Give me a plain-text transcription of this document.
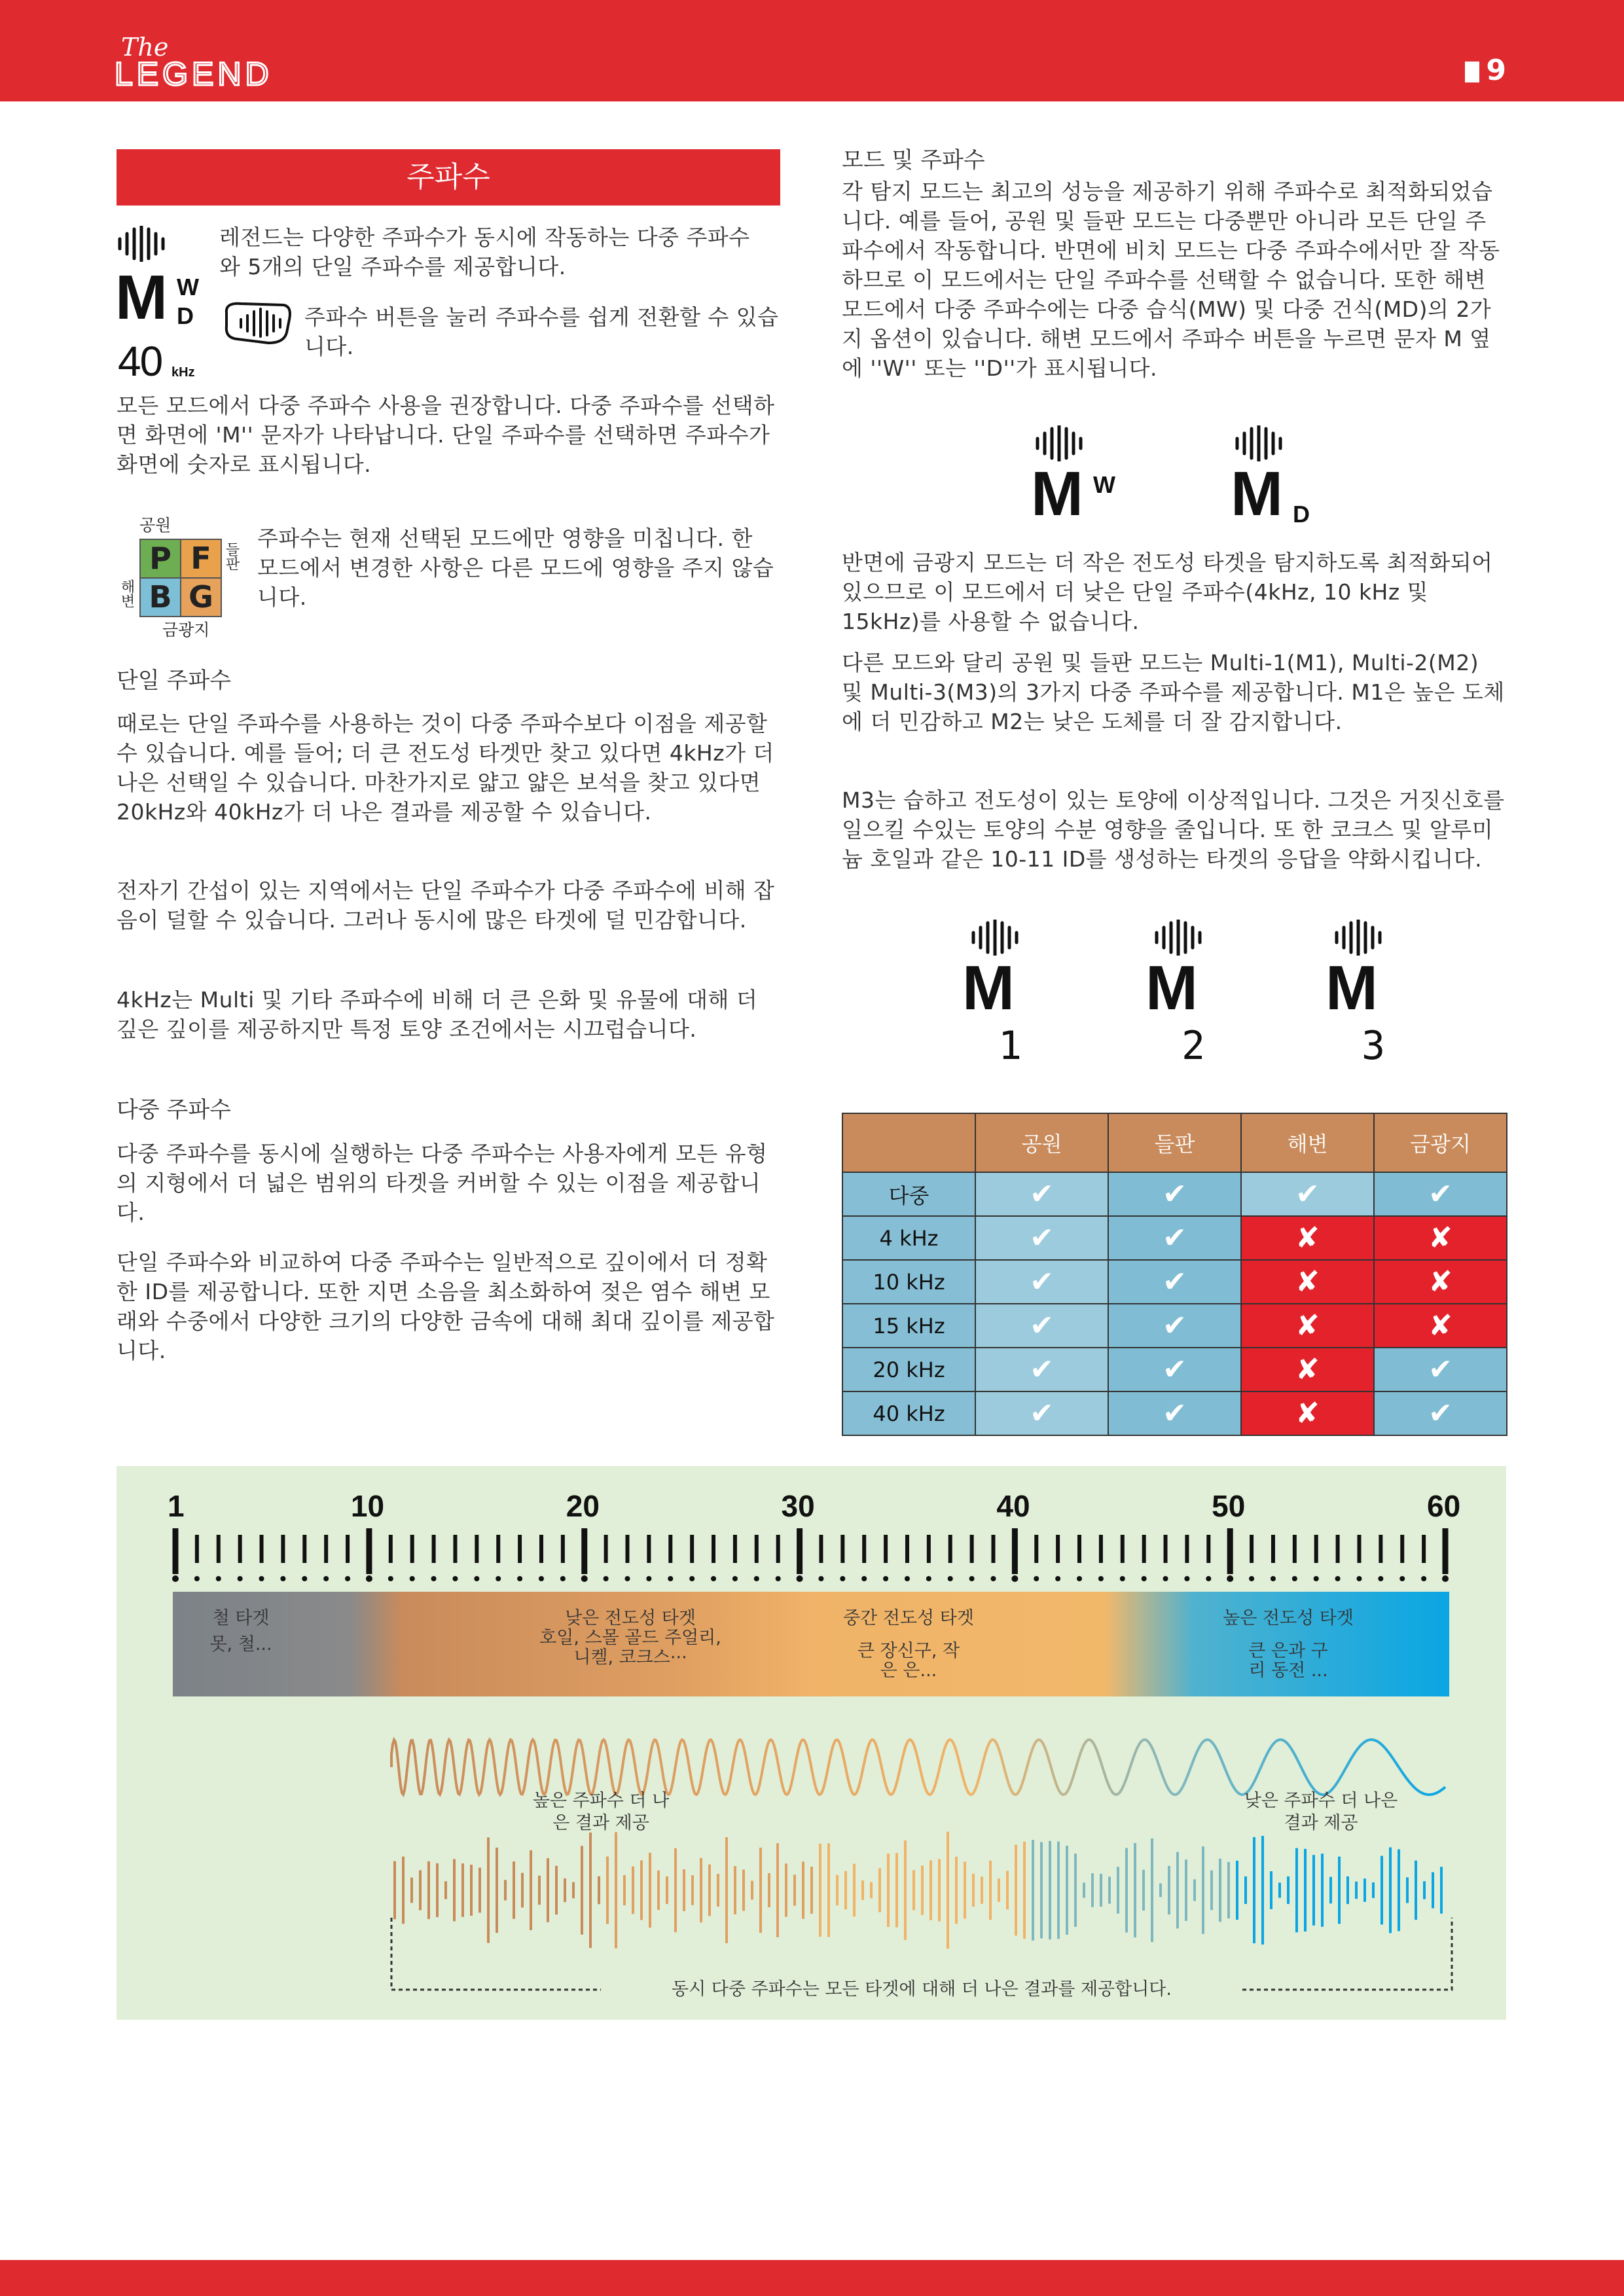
The
LEGEND	9
주파수
M W
D
40 kHz
레전드는 다양한 주파수가 동시에 작동하는 다중 주파수와 5개의 단일 주파수를 제공합니다.
주파수 버튼을 눌러 주파수를 쉽게 전환할 수 있습니다.
모든 모드에서 다중 주파수 사용을 권장합니다. 다중 주파수를 선택하면 화면에 'M'' 문자가 나타납니다. 단일 주파수를 선택하면 주파수가 화면에 숫자로 표시됩니다.
공원
들판
해변
금광지
P F
B G
주파수는 현재 선택된 모드에만 영향을 미칩니다. 한 모드에서 변경한 사항은 다른 모드에 영향을 주지 않습니다.
단일 주파수
때로는 단일 주파수를 사용하는 것이 다중 주파수보다 이점을 제공할 수 있습니다. 예를 들어; 더 큰 전도성 타겟만 찾고 있다면 4kHz가 더 나은 선택일 수 있습니다. 마찬가지로 얇고 얇은 보석을 찾고 있다면 20kHz와 40kHz가 더 나은 결과를 제공할 수 있습니다.
전자기 간섭이 있는 지역에서는 단일 주파수가 다중 주파수에 비해 잡음이 덜할 수 있습니다. 그러나 동시에 많은 타겟에 덜 민감합니다.
4kHz는 Multi 및 기타 주파수에 비해 더 큰 은화 및 유물에 대해 더 깊은 깊이를 제공하지만 특정 토양 조건에서는 시끄럽습니다.
다중 주파수
다중 주파수를 동시에 실행하는 다중 주파수는 사용자에게 모든 유형의 지형에서 더 넓은 범위의 타겟을 커버할 수 있는 이점을 제공합니다.
단일 주파수와 비교하여 다중 주파수는 일반적으로 깊이에서 더 정확한 ID를 제공합니다. 또한 지면 소음을 최소화하여 젖은 염수 해변 모래와 수중에서 다양한 크기의 다양한 금속에 대해 최대 깊이를 제공합니다.
모드 및 주파수
각 탐지 모드는 최고의 성능을 제공하기 위해 주파수로 최적화되었습니다. 예를 들어, 공원 및 들판 모드는 다중뿐만 아니라 모든 단일 주파수에서 작동합니다. 반면에 비치 모드는 다중 주파수에서만 잘 작동하므로 이 모드에서는 단일 주파수를 선택할 수 없습니다. 또한 해변 모드에서 다중 주파수에는 다중 습식(MW) 및 다중 건식(MD)의 2가지 옵션이 있습니다. 해변 모드에서 주파수 버튼을 누르면 문자 M 옆에 ''W'' 또는 ''D''가 표시됩니다.
M W M D
반면에 금광지 모드는 더 작은 전도성 타겟을 탐지하도록 최적화되어 있으므로 이 모드에서 더 낮은 단일 주파수(4kHz, 10 kHz 및 15kHz)를 사용할 수 없습니다.
다른 모드와 달리 공원 및 들판 모드는 Multi-1(M1), Multi-2(M2) 및 Multi-3(M3)의 3가지 다중 주파수를 제공합니다. M1은 높은 도체에 더 민감하고 M2는 낮은 도체를 더 잘 감지합니다.
M3는 습하고 전도성이 있는 토양에 이상적입니다. 그것은 거짓신호를 일으킬 수있는 토양의 수분 영향을 줄입니다. 또 한 코크스 및 알루미늄 호일과 같은 10-11 ID를 생성하는 타겟의 응답을 약화시킵니다.
M
1
M
2
M
3
	공원	들판	해변	금광지
다중	✔	✔	✔	✔
4 kHz	✔	✔	✘	✘
10 kHz	✔	✔	✘	✘
15 kHz	✔	✔	✘	✘
20 kHz	✔	✔	✘	✔
40 kHz	✔	✔	✘	✔
1	10	20	30	40	50	60
철 타겟
못, 철...
낮은 전도성 타겟
호일, 스몰 골드 주얼리, 니켈, 코크스···
중간 전도성 타겟
큰 장신구, 작은 은...
높은 전도성 타겟
큰 은과 구리 동전 ...
높은 주파수 더 나은 결과 제공
낮은 주파수 더 나은 결과 제공
동시 다중 주파수는 모든 타겟에 대해 더 나은 결과를 제공합니다.
